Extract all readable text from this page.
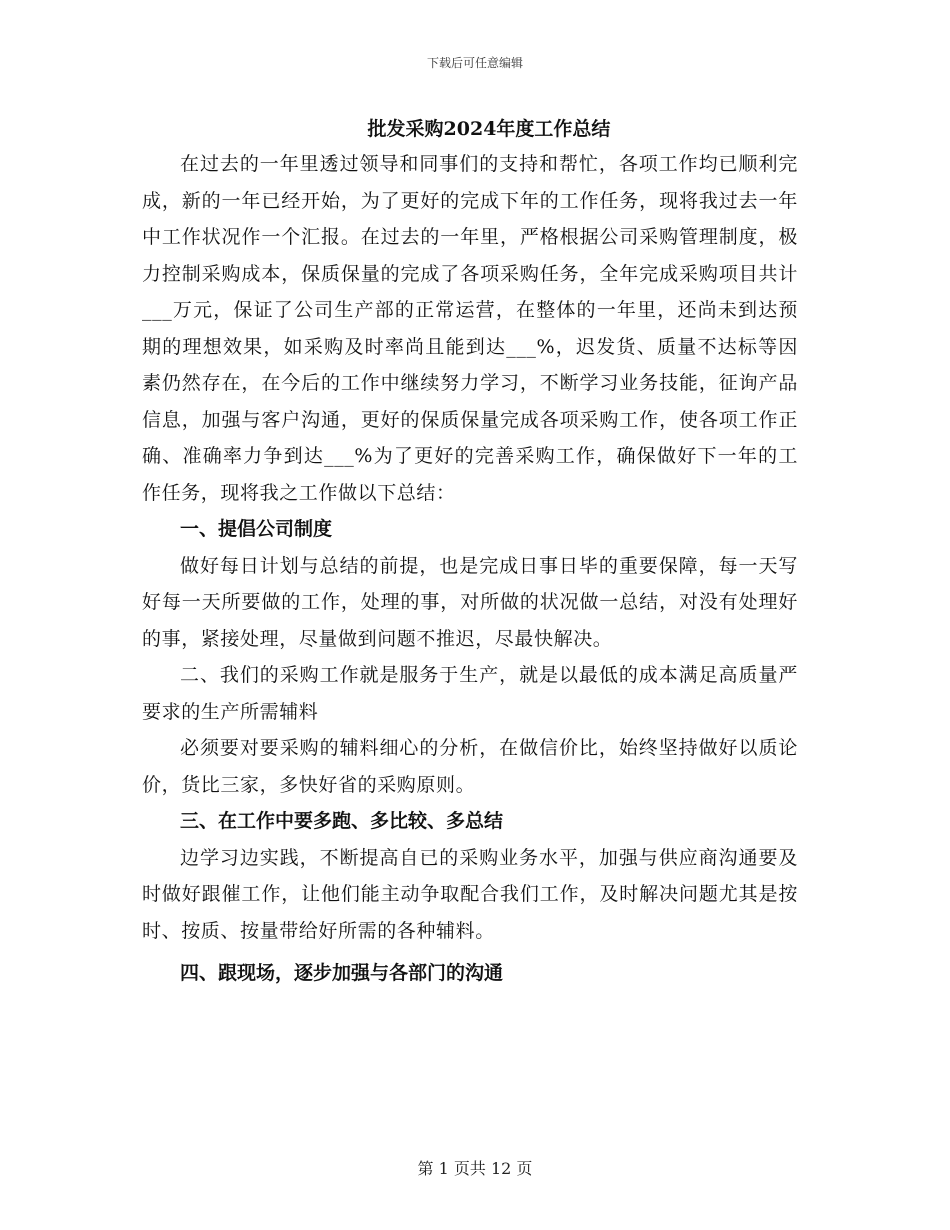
下载后可任意编辑
批发采购2024年度工作总结

在过去的一年里透过领导和同事们的支持和帮忙，各项工作均已顺利完成，新的一年已经开始，为了更好的完成下年的工作任务，现将我过去一年中工作状况作一个汇报。在过去的一年里，严格根据公司采购管理制度，极力控制采购成本，保质保量的完成了各项采购任务，全年完成采购项目共计___万元，保证了公司生产部的正常运营，在整体的一年里，还尚未到达预期的理想效果，如采购及时率尚且能到达___%，迟发货、质量不达标等因素仍然存在，在今后的工作中继续努力学习，不断学习业务技能，征询产品信息，加强与客户沟通，更好的保质保量完成各项采购工作，使各项工作正确、准确率力争到达___%为了更好的完善采购工作，确保做好下一年的工作任务，现将我之工作做以下总结：

一、提倡公司制度

做好每日计划与总结的前提，也是完成日事日毕的重要保障，每一天写好每一天所要做的工作，处理的事，对所做的状况做一总结，对没有处理好的事，紧接处理，尽量做到问题不推迟，尽最快解决。

二、我们的采购工作就是服务于生产，就是以最低的成本满足高质量严要求的生产所需辅料

必须要对要采购的辅料细心的分析，在做信价比，始终坚持做好以质论价，货比三家，多快好省的采购原则。

三、在工作中要多跑、多比较、多总结

边学习边实践，不断提高自已的采购业务水平，加强与供应商沟通要及时做好跟催工作，让他们能主动争取配合我们工作，及时解决问题尤其是按时、按质、按量带给好所需的各种辅料。

四、跟现场，逐步加强与各部门的沟通

第 1 页共 12 页
